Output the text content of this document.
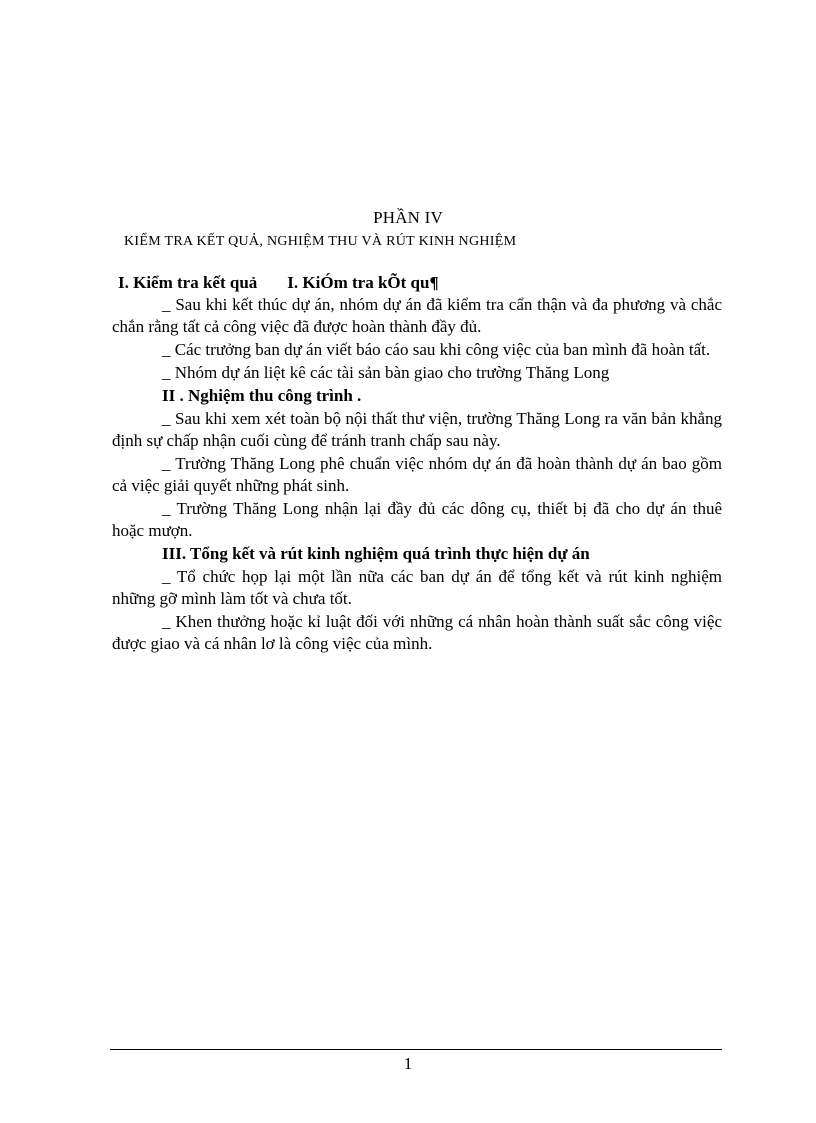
PHẦN IV
KIỂM TRA KẾT QUẢ, NGHIỆM THU VÀ RÚT KINH NGHIỆM
I. Kiểm tra kết quả I. KiÓm tra kÕt qu¶

_ Sau khi kết thúc dự án, nhóm dự án đã kiểm tra cẩn thận và đa phương và chắc chắn rằng tất cả công việc đã được hoàn thành đầy đủ.

_ Các trưởng ban dự án viết báo cáo sau khi công việc của ban mình đã hoàn tất.

_ Nhóm dự án liệt kê các tài sản bàn giao cho trường Thăng Long

II . Nghiệm thu công trình .

_ Sau khi xem xét toàn bộ nội thất thư viện, trường Thăng Long ra văn bản khẳng định sự chấp nhận cuối cùng để tránh tranh chấp sau này.

_ Trường Thăng Long phê chuẩn việc nhóm dự án đã hoàn thành dự án bao gồm cả việc giải quyết những phát sinh.

_ Trường Thăng Long nhận lại đầy đủ các dông cụ, thiết bị đã cho dự án thuê hoặc mượn.

III. Tổng kết và rút kinh nghiệm quá trình thực hiện dự án

_ Tổ chức họp lại một lần nữa các ban dự án để tổng kết và rút kinh nghiệm những gỡ mình làm tốt và chưa tốt.

_ Khen thưởng hoặc kỉ luật đối với những cá nhân hoàn thành suất sắc công việc được giao và cá nhân lơ là công việc của mình.

1
